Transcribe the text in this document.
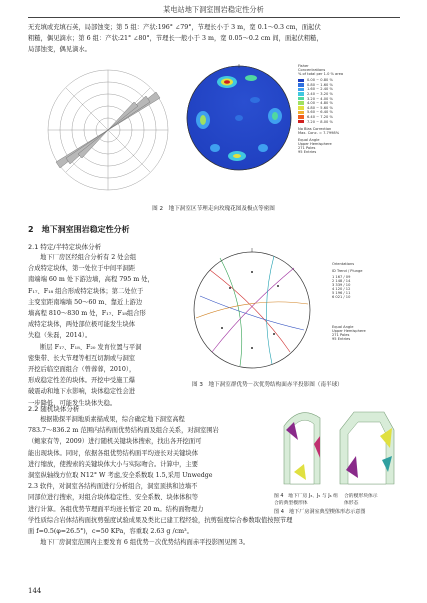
某电站地下洞室围岩稳定性分析
无充填或充填石英，局部蚀变；第 5 组：产状:196° ∠79°，节理长小于 3 m，宽 0.1～0.3 cm，面起伏
粗糙，偶见滴水；第 6 组：产状:21° ∠80°，节理长一般小于 3 m，宽 0.05～0.2 cm 间，面起伏粗糙，
局部蚀变，偶见滴水。
Fisher
Concentrations
% of total per 1.0 % area
0.00 ~ 0.80 %
0.80 ~ 1.60 %
1.60 ~ 2.40 %
2.40 ~ 3.20 %
3.20 ~ 4.00 %
4.00 ~ 4.80 %
4.80 ~ 5.60 %
5.60 ~ 6.40 %
6.40 ~ 7.20 %
7.20 ~ 8.00 %
No Bias Correction
Max. Conc. = 7.7998%
Equal Angle
Upper Hemisphere
271 Poles
95 Entries
图 2　地下洞室区节理走向玫瑰花图及极点等密图
2　地下洞室围岩稳定性分析
2.1 特定/半特定块体分析
地下厂房区经组合分析有 2 处会组
合成特定块体，第一处位于中间平洞距
南端端 60 m 处下游边墙，高程 795 m 处，
F₁₇、F₁₈ 组合形成特定块体；第二处位于
主变室距南端墙 50～60 m、靠近上游边
墙高程 810～830 m 处，F₁₇、F₁₈组合形
成特定块体，两处部位极可能发生块体
失稳（朱磊，2014）。
断层 F₁₇、F₁₈、F₂₀ 发育位置与平洞
密集带、长大节理等相互切割或与洞室
开挖后临空面组合（曾蓉蓉，2010），
形成稳定性差的块体。开挖中受施工爆
破震动和地下水影响，块体稳定性会进
一步降低，可能发生块体失稳。
Orientations
ID Trend / Plunge
1 167 / 09
2 148 / 14
3 339 / 10
4 120 / 12
5 196 / 11
6 021 / 10
Equal Angle
Upper Hemisphere
271 Poles
95 Entries
图 3　地下洞室群优势－次优势结构面赤平投影图（南半球）
2.2 随机块体分析
根据勘探平洞地质素描成果，综合确定地下洞室高程
783.7～836.2 m 范围内结构面优势结构面及组合关系，对洞室围岩
（鲍家有等，2009）进行随机关键块体搜索，找出各开挖面可
能出现块体。同时，依据各组优势结构面平均迹长对关键块体
进行缩放，使搜索的关键块体大小与实际吻合。计算中，主要
洞室纵轴线方位取 N12° W 考虑,安全系数取 1.5,采用 Unwedge
2.3 软件，对洞室各结构面进行分析组合，洞室顶拱和边墙不
同部位进行搜索，对组合块体稳定性、安全系数、块体体积等
进行计算。各组优势节理面平均迹长暂定 20 m。结构面物理力
学性质综合岩体结构面抗剪强度试验成果及类比已建工程经验，抗剪强度综合参数取值按照节理
面 f=0.5(φ=26.5°)，c=50 KPa，容重取 2.63 g /cm³。
地下厂房洞室范围内主要发育 6 组优势－次优势结构面赤平投影图见图 3。
图 4　地下厂房 J₃、J₅ 与 J₆ 组
合的典型楔形体
合的楔形块体示
体形态
图 4　地下厂房洞室典型楔体形态示意图
144
